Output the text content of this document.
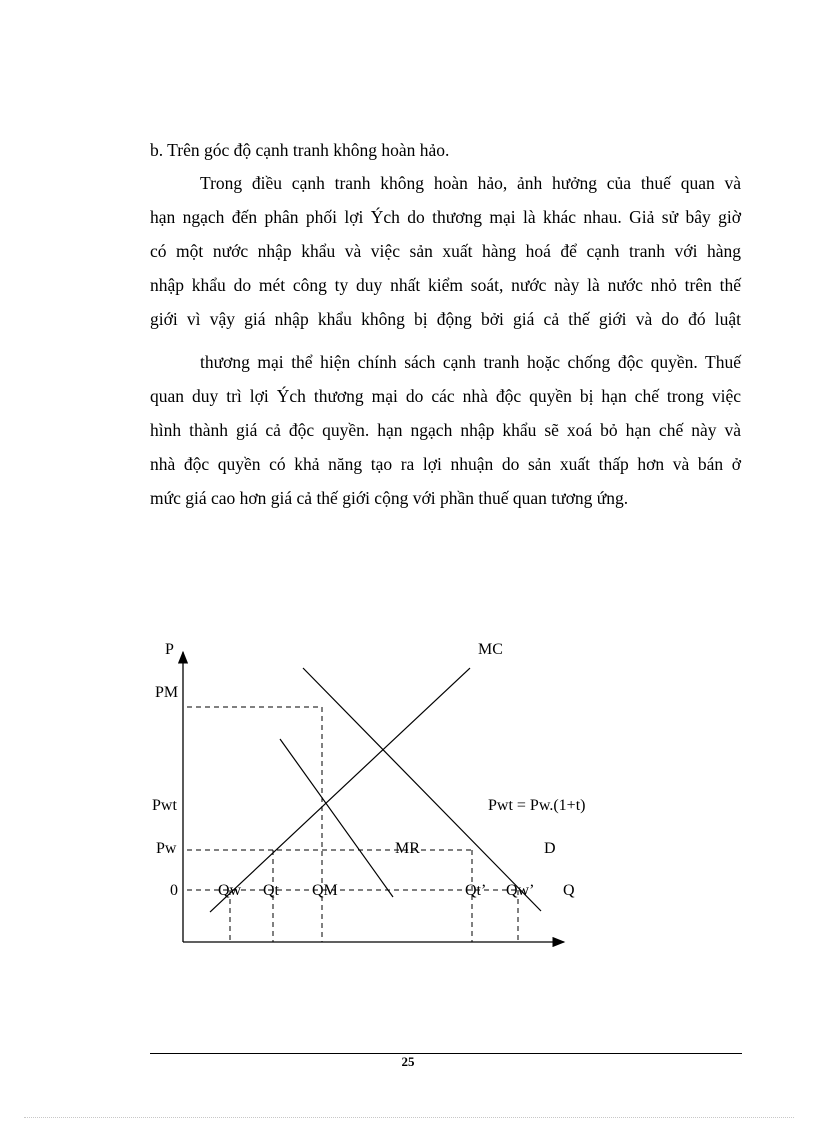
b. Trên góc độ cạnh tranh không hoàn hảo.
Trong điều cạnh tranh không hoàn hảo, ảnh hưởng của thuế quan và
hạn ngạch đến phân phối lợi Ých do thương mại là khác nhau. Giả sử bây giờ
có một nước nhập khẩu và việc sản xuất hàng hoá để cạnh tranh với hàng
nhập khẩu do mét công ty duy nhất kiểm soát, nước này là nước nhỏ trên thế
giới vì vậy giá nhập khẩu không bị động bởi giá cả thế giới và do đó luật
thương mại thể hiện chính sách cạnh tranh hoặc chống độc quyền. Thuế
quan duy trì lợi Ých thương mại do các nhà độc quyền bị hạn chế trong việc
hình thành giá cả độc quyền. hạn ngạch nhập khẩu sẽ xoá bỏ hạn chế này và
nhà độc quyền có khả năng tạo ra lợi nhuận do sản xuất thấp hơn và bán ở
mức giá cao hơn giá cả thế giới cộng với phần thuế quan tương ứng.
P	MC
PM
Pwt	Pwt = Pw.(1+t)
Pw	MR	D
0	Qw Qt QM	Qt’ Qw’ Q
25
